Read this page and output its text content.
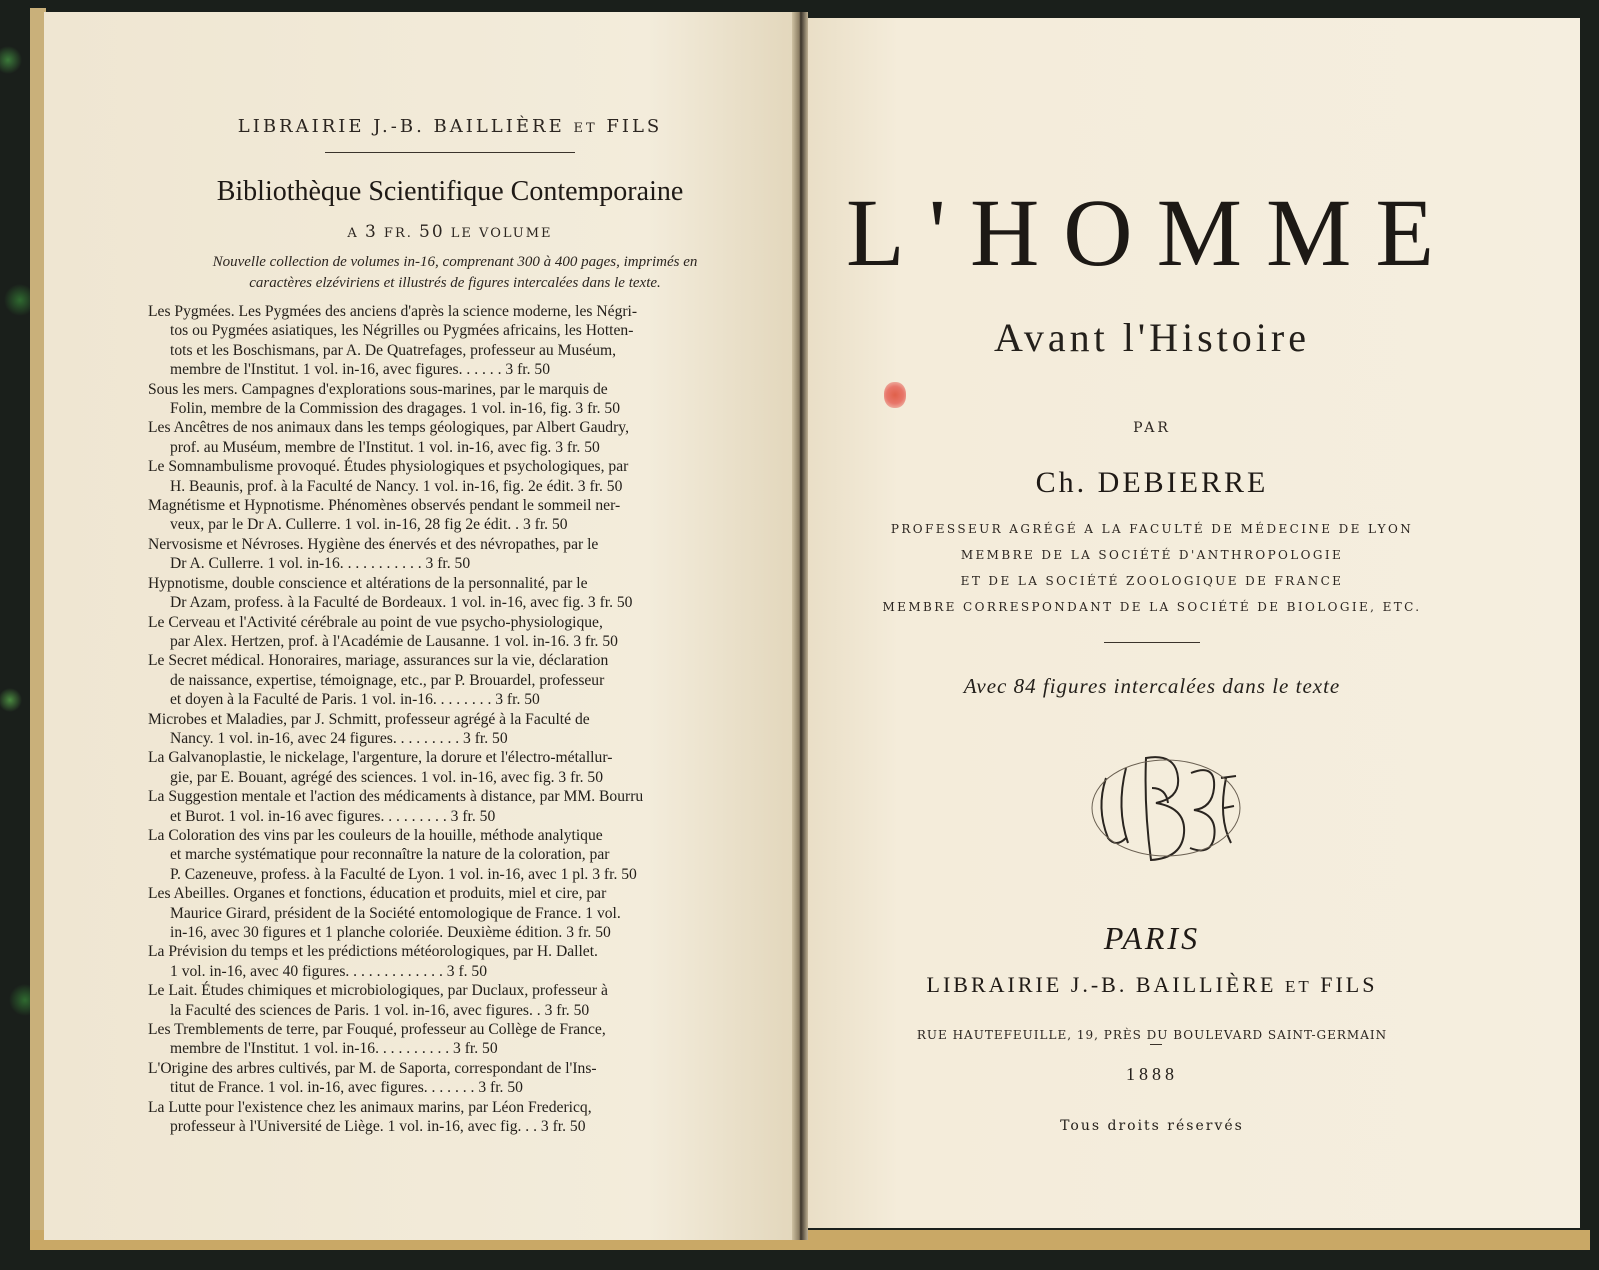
LIBRAIRIE J.-B. BAILLIÈRE ET FILS
Bibliothèque Scientifique Contemporaine
A 3 FR. 50 LE VOLUME
Nouvelle collection de volumes in-16, comprenant 300 à 400 pages, imprimés en
caractères elzéviriens et illustrés de figures intercalées dans le texte.
Les Pygmées. Les Pygmées des anciens d'après la science moderne, les Négri-
tos ou Pygmées asiatiques, les Négrilles ou Pygmées africains, les Hotten-
tots et les Boschismans, par A. De Quatrefages, professeur au Muséum,
membre de l'Institut. 1 vol. in-16, avec figures. . . . . . 3 fr. 50
Sous les mers. Campagnes d'explorations sous-marines, par le marquis de
Folin, membre de la Commission des dragages. 1 vol. in-16, fig. 3 fr. 50
Les Ancêtres de nos animaux dans les temps géologiques, par Albert Gaudry,
prof. au Muséum, membre de l'Institut. 1 vol. in-16, avec fig. 3 fr. 50
Le Somnambulisme provoqué. Études physiologiques et psychologiques, par
H. Beaunis, prof. à la Faculté de Nancy. 1 vol. in-16, fig. 2e édit. 3 fr. 50
Magnétisme et Hypnotisme. Phénomènes observés pendant le sommeil ner-
veux, par le Dr A. Cullerre. 1 vol. in-16, 28 fig 2e édit. . 3 fr. 50
Nervosisme et Névroses. Hygiène des énervés et des névropathes, par le
Dr A. Cullerre. 1 vol. in-16. . . . . . . . . . . 3 fr. 50
Hypnotisme, double conscience et altérations de la personnalité, par le
Dr Azam, profess. à la Faculté de Bordeaux. 1 vol. in-16, avec fig. 3 fr. 50
Le Cerveau et l'Activité cérébrale au point de vue psycho-physiologique,
par Alex. Hertzen, prof. à l'Académie de Lausanne. 1 vol. in-16. 3 fr. 50
Le Secret médical. Honoraires, mariage, assurances sur la vie, déclaration
de naissance, expertise, témoignage, etc., par P. Brouardel, professeur
et doyen à la Faculté de Paris. 1 vol. in-16. . . . . . . . 3 fr. 50
Microbes et Maladies, par J. Schmitt, professeur agrégé à la Faculté de
Nancy. 1 vol. in-16, avec 24 figures. . . . . . . . . 3 fr. 50
La Galvanoplastie, le nickelage, l'argenture, la dorure et l'électro-métallur-
gie, par E. Bouant, agrégé des sciences. 1 vol. in-16, avec fig. 3 fr. 50
La Suggestion mentale et l'action des médicaments à distance, par MM. Bourru
et Burot. 1 vol. in-16 avec figures. . . . . . . . . 3 fr. 50
La Coloration des vins par les couleurs de la houille, méthode analytique
et marche systématique pour reconnaître la nature de la coloration, par
P. Cazeneuve, profess. à la Faculté de Lyon. 1 vol. in-16, avec 1 pl. 3 fr. 50
Les Abeilles. Organes et fonctions, éducation et produits, miel et cire, par
Maurice Girard, président de la Société entomologique de France. 1 vol.
in-16, avec 30 figures et 1 planche coloriée. Deuxième édition. 3 fr. 50
La Prévision du temps et les prédictions météorologiques, par H. Dallet.
1 vol. in-16, avec 40 figures. . . . . . . . . . . . . 3 f. 50
Le Lait. Études chimiques et microbiologiques, par Duclaux, professeur à
la Faculté des sciences de Paris. 1 vol. in-16, avec figures. . 3 fr. 50
Les Tremblements de terre, par Fouqué, professeur au Collège de France,
membre de l'Institut. 1 vol. in-16. . . . . . . . . . 3 fr. 50
L'Origine des arbres cultivés, par M. de Saporta, correspondant de l'Ins-
titut de France. 1 vol. in-16, avec figures. . . . . . . 3 fr. 50
La Lutte pour l'existence chez les animaux marins, par Léon Fredericq,
professeur à l'Université de Liège. 1 vol. in-16, avec fig. . . 3 fr. 50
L'HOMME
Avant l'Histoire
PAR
Ch. DEBIERRE
PROFESSEUR AGRÉGÉ A LA FACULTÉ DE MÉDECINE DE LYON
MEMBRE DE LA SOCIÉTÉ D'ANTHROPOLOGIE
ET DE LA SOCIÉTÉ ZOOLOGIQUE DE FRANCE
MEMBRE CORRESPONDANT DE LA SOCIÉTÉ DE BIOLOGIE, ETC.
Avec 84 figures intercalées dans le texte
PARIS
LIBRAIRIE J.-B. BAILLIÈRE ET FILS
RUE HAUTEFEUILLE, 19, PRÈS DU BOULEVARD SAINT-GERMAIN
1888
Tous droits réservés
